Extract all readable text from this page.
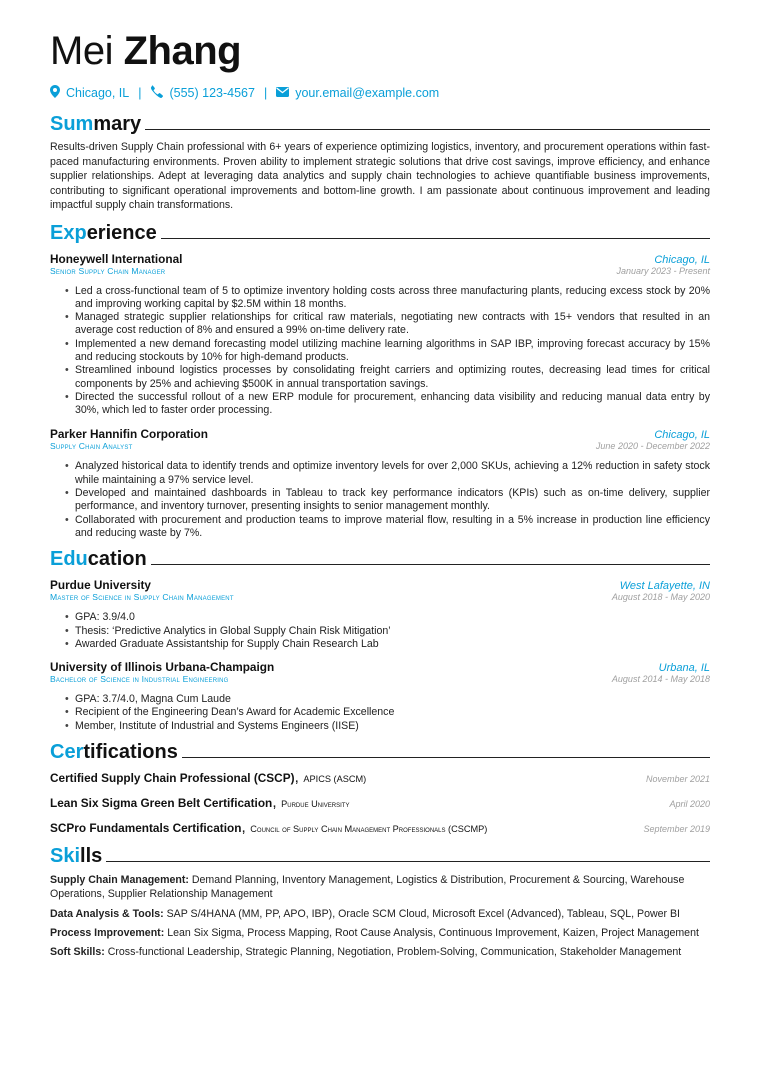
Mei Zhang
Chicago, IL | (555) 123-4567 | your.email@example.com
Summary
Results-driven Supply Chain professional with 6+ years of experience optimizing logistics, inventory, and procurement operations within fast-paced manufacturing environments. Proven ability to implement strategic solutions that drive cost savings, improve efficiency, and enhance supplier relationships. Adept at leveraging data analytics and supply chain technologies to achieve quantifiable business improvements, contributing to significant operational improvements and bottom-line growth. I am passionate about continuous improvement and leading impactful supply chain transformations.
Experience
Honeywell International	Chicago, IL
Senior Supply Chain Manager	January 2023 - Present
• Led a cross-functional team of 5 to optimize inventory holding costs across three manufacturing plants, reducing excess stock by 20% and improving working capital by $2.5M within 18 months.
• Managed strategic supplier relationships for critical raw materials, negotiating new contracts with 15+ vendors that resulted in an average cost reduction of 8% and ensured a 99% on-time delivery rate.
• Implemented a new demand forecasting model utilizing machine learning algorithms in SAP IBP, improving forecast accuracy by 15% and reducing stockouts by 10% for high-demand products.
• Streamlined inbound logistics processes by consolidating freight carriers and optimizing routes, decreasing lead times for critical components by 25% and achieving $500K in annual transportation savings.
• Directed the successful rollout of a new ERP module for procurement, enhancing data visibility and reducing manual data entry by 30%, which led to faster order processing.
Parker Hannifin Corporation	Chicago, IL
Supply Chain Analyst	June 2020 - December 2022
• Analyzed historical data to identify trends and optimize inventory levels for over 2,000 SKUs, achieving a 12% reduction in safety stock while maintaining a 97% service level.
• Developed and maintained dashboards in Tableau to track key performance indicators (KPIs) such as on-time delivery, supplier performance, and inventory turnover, presenting insights to senior management monthly.
• Collaborated with procurement and production teams to improve material flow, resulting in a 5% increase in production line efficiency and reducing waste by 7%.
Education
Purdue University	West Lafayette, IN
Master of Science in Supply Chain Management	August 2018 - May 2020
• GPA: 3.9/4.0
• Thesis: ‘Predictive Analytics in Global Supply Chain Risk Mitigation’
• Awarded Graduate Assistantship for Supply Chain Research Lab
University of Illinois Urbana-Champaign	Urbana, IL
Bachelor of Science in Industrial Engineering	August 2014 - May 2018
• GPA: 3.7/4.0, Magna Cum Laude
• Recipient of the Engineering Dean’s Award for Academic Excellence
• Member, Institute of Industrial and Systems Engineers (IISE)
Certifications
Certified Supply Chain Professional (CSCP), APICS (ASCM)	November 2021
Lean Six Sigma Green Belt Certification, Purdue University	April 2020
SCPro Fundamentals Certification, Council of Supply Chain Management Professionals (CSCMP)	September 2019
Skills
Supply Chain Management: Demand Planning, Inventory Management, Logistics & Distribution, Procurement & Sourcing, Warehouse Operations, Supplier Relationship Management
Data Analysis & Tools: SAP S/4HANA (MM, PP, APO, IBP), Oracle SCM Cloud, Microsoft Excel (Advanced), Tableau, SQL, Power BI
Process Improvement: Lean Six Sigma, Process Mapping, Root Cause Analysis, Continuous Improvement, Kaizen, Project Management
Soft Skills: Cross-functional Leadership, Strategic Planning, Negotiation, Problem-Solving, Communication, Stakeholder Management
